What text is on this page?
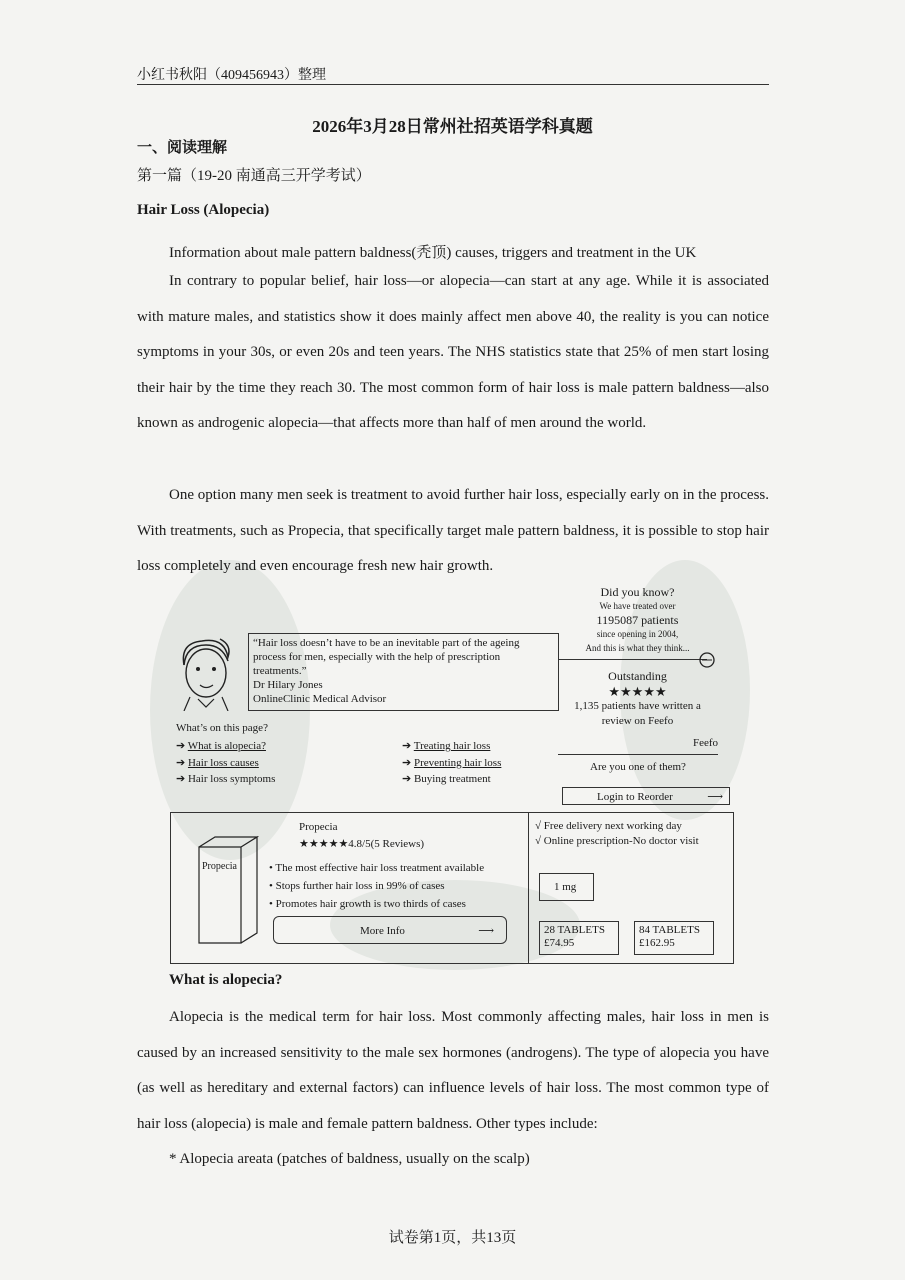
小红书秋阳（409456943）整理
2026年3月28日常州社招英语学科真题
一、阅读理解
第一篇（19-20 南通高三开学考试）
Hair Loss (Alopecia)
Information about male pattern baldness(秃顶) causes, triggers and treatment in the UK
In contrary to popular belief, hair loss—or alopecia—can start at any age. While it is associated with mature males, and statistics show it does mainly affect men above 40, the reality is you can notice symptoms in your 30s, or even 20s and teen years. The NHS statistics state that 25% of men start losing their hair by the time they reach 30. The most common form of hair loss is male pattern baldness—also known as androgenic alopecia—that affects more than half of men around the world.
One option many men seek is treatment to avoid further hair loss, especially early on in the process. With treatments, such as Propecia, that specifically target male pattern baldness, it is possible to stop hair loss completely and even encourage fresh new hair growth.
“Hair loss doesn’t have to be an inevitable part of the ageing process for men, especially with the help of prescription treatments.”
Dr Hilary Jones
OnlineClinic Medical Advisor
Did you know?
We have treated over
1195087 patients
since opening in 2004,
And this is what they think...
Outstanding
★★★★★
1,135 patients have written a review on Feefo
Feefo
Are you one of them?
Login to Reorder	⟶
What’s on this page?
➔ What is alopecia?
➔ Hair loss causes
➔ Hair loss symptoms
➔ Treating hair loss
➔ Preventing hair loss
➔ Buying treatment
Propecia
Propecia
★★★★★4.8/5(5 Reviews)
• The most effective hair loss treatment available
• Stops further hair loss in 99% of cases
• Promotes hair growth is two thirds of cases
More Info	⟶
√ Free delivery next working day
√ Online prescription-No doctor visit
1 mg
28 TABLETS
£74.95
84 TABLETS
£162.95
What is alopecia?
Alopecia is the medical term for hair loss. Most commonly affecting males, hair loss in men is caused by an increased sensitivity to the male sex hormones (androgens). The type of alopecia you have (as well as hereditary and external factors) can influence levels of hair loss. The most common type of hair loss (alopecia) is male and female pattern baldness. Other types include:
* Alopecia areata (patches of baldness, usually on the scalp)
试卷第1页，共13页
